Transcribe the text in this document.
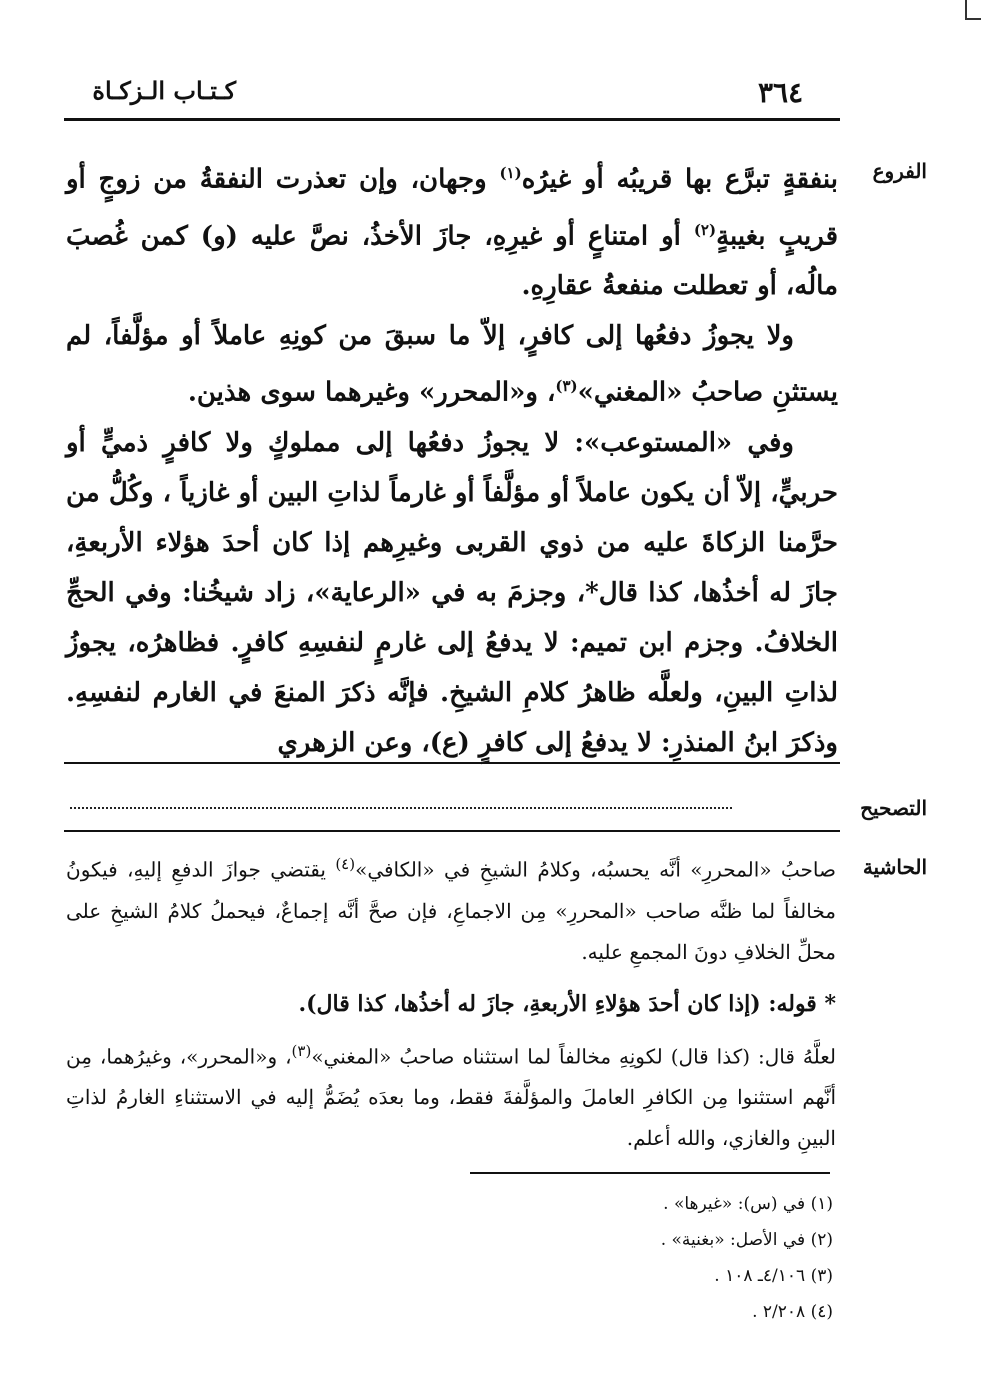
كـتـاب الـزكـاة	٣٦٤
الفروع

بنفقةٍ تبرَّع بها قريبُه أو غيرُه$^{(١)}$ وجهان، وإن تعذرت النفقةُ من زوجٍ أو قريبٍ بغيبةٍ$^{(٢)}$ أو امتناعٍ أو غيرِهِ، جازَ الأخذُ، نصَّ عليه (و) كمن غُصبَ مالُه، أو تعطلت منفعةُ عقارِهِ.

ولا يجوزُ دفعُها إلى كافرٍ، إلاّ ما سبقَ من كونِهِ عاملاً أو مؤلَّفاً، لم يستثنِ صاحبُ «المغني»$^{(٣)}$، و«المحرر» وغيرهما سوى هذين.

وفي «المستوعب»: لا يجوزُ دفعُها إلى مملوكٍ ولا كافرٍ ذميٍّ أو حربيٍّ، إلاّ أن يكون عاملاً أو مؤلَّفاً أو غارماً لذاتِ البين أو غازياً ، وكُلُّ من حرَّمنا الزكاةَ عليه من ذوي القربى وغيرِهم إذا كان أحدَ هؤلاء الأربعةِ، جازَ له أخذُها، كذا قال*، وجزمَ به في «الرعاية»، زاد شيخُنا: وفي الحجِّ الخلافُ. وجزم ابن تميم: لا يدفعُ إلى غارمٍ لنفسِهِ كافرٍ. فظاهرُه، يجوزُ لذاتِ البينِ، ولعلَّه ظاهرُ كلامِ الشيخِ. فإنَّه ذكرَ المنعَ في الغارم لنفسِهِ. وذكرَ ابنُ المنذرِ: لا يدفعُ إلى كافرٍ (ع)، وعن الزهري

التصحيح
الحاشية

صاحبُ «المحررِ» أنَّه يحسبُه، وكلامُ الشيخِ في «الكافي»$^{(٤)}$ يقتضي جوازَ الدفعِ إليهِ، فيكونُ مخالفاً لما ظنَّه صاحب «المحررِ» مِن الاجماعِ، فإن صحَّ أنَّه إجماعٌ، فيحملُ كلامُ الشيخِ على محلِّ الخلافِ دونَ المجمعِ عليه.

* قوله: (إذا كان أحدَ هؤلاءِ الأربعةِ، جازَ له أخذُها، كذا قال).

لعلَّهُ قال: (كذا قال) لكونِهِ مخالفاً لما استثناه صاحبُ «المغني»$^{(٣)}$، و«المحرر»، وغيرُهما، مِن أنَّهم استثنوا مِن الكافرِ العاملَ والمؤلَّفةَ فقط، وما بعدَه يُضَمُّ إليه في الاستثناءِ الغارمُ لذاتِ البينِ والغازي، والله أعلم.

(١) في (س): «غيرها» .
(٢) في الأصل: «بغنية» .
(٣) ٤/١٠٦ـ ١٠٨ .
(٤) ٢/٢٠٨ .
